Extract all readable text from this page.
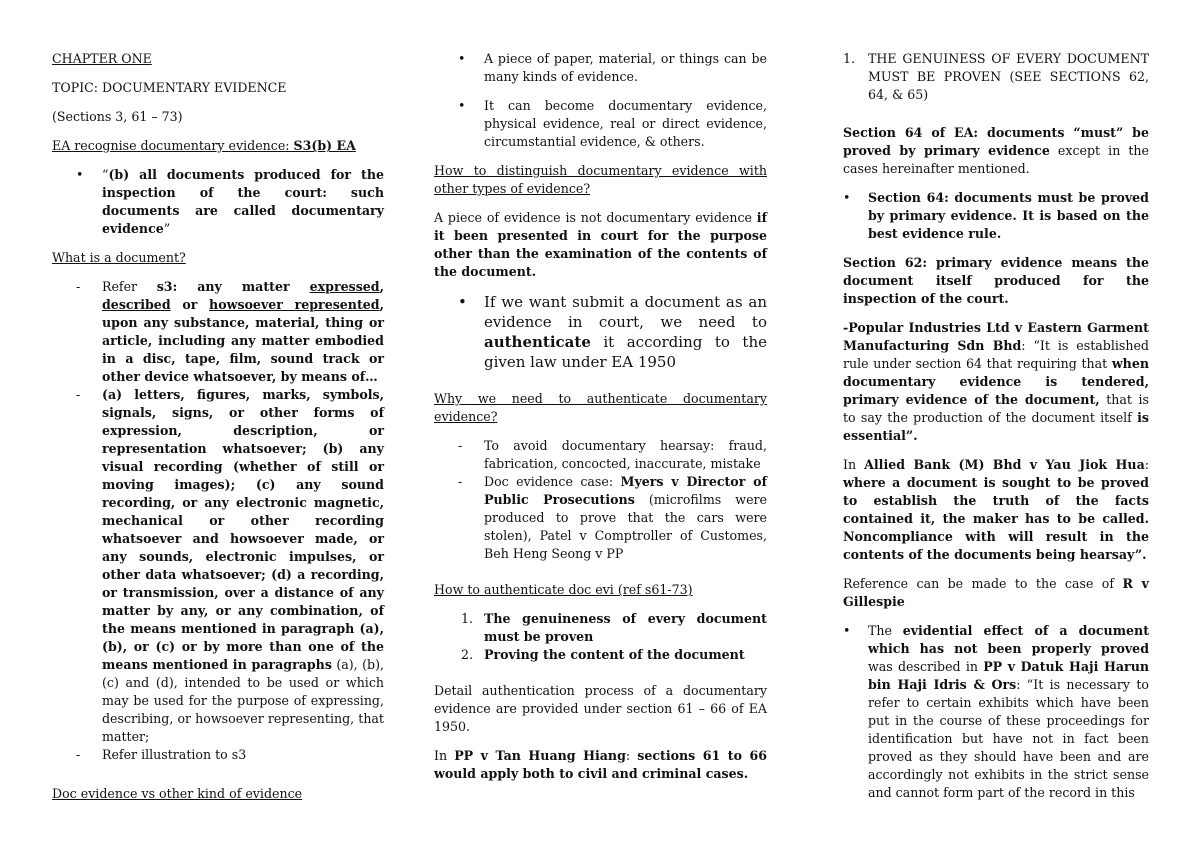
CHAPTER ONE

TOPIC: DOCUMENTARY EVIDENCE

(Sections 3, 61 – 73)

EA recognise documentary evidence: S3(b) EA

• “(b) all documents produced for the inspection of the court: such documents are called documentary evidence”

What is a document?

- Refer s3: any matter expressed, described or howsoever represented, upon any substance, material, thing or article, including any matter embodied in a disc, tape, film, sound track or other device whatsoever, by means of…
- (a) letters, figures, marks, symbols, signals, signs, or other forms of expression, description, or representation whatsoever; (b) any visual recording (whether of still or moving images); (c) any sound recording, or any electronic magnetic, mechanical or other recording whatsoever and howsoever made, or any sounds, electronic impulses, or other data whatsoever; (d) a recording, or transmission, over a distance of any matter by any, or any combination, of the means mentioned in paragraph (a), (b), or (c) or by more than one of the means mentioned in paragraphs (a), (b), (c) and (d), intended to be used or which may be used for the purpose of expressing, describing, or howsoever representing, that matter;
- Refer illustration to s3

Doc evidence vs other kind of evidence

• A piece of paper, material, or things can be many kinds of evidence.
• It can become documentary evidence, physical evidence, real or direct evidence, circumstantial evidence, & others.

How to distinguish documentary evidence with other types of evidence?

A piece of evidence is not documentary evidence if it been presented in court for the purpose other than the examination of the contents of the document.

• If we want submit a document as an evidence in court, we need to authenticate it according to the given law under EA 1950

Why we need to authenticate documentary evidence?

- To avoid documentary hearsay: fraud, fabrication, concocted, inaccurate, mistake
- Doc evidence case: Myers v Director of Public Prosecutions (microfilms were produced to prove that the cars were stolen), Patel v Comptroller of Customes, Beh Heng Seong v PP

How to authenticate doc evi (ref s61-73)

1. The genuineness of every document must be proven
2. Proving the content of the document

Detail authentication process of a documentary evidence are provided under section 61 – 66 of EA 1950.

In PP v Tan Huang Hiang: sections 61 to 66 would apply both to civil and criminal cases.

1. THE GENUINESS OF EVERY DOCUMENT MUST BE PROVEN (SEE SECTIONS 62, 64, & 65)

Section 64 of EA: documents “must” be proved by primary evidence except in the cases hereinafter mentioned.

• Section 64: documents must be proved by primary evidence. It is based on the best evidence rule.

Section 62: primary evidence means the document itself produced for the inspection of the court.

-Popular Industries Ltd v Eastern Garment Manufacturing Sdn Bhd: “It is established rule under section 64 that requiring that when documentary evidence is tendered, primary evidence of the document, that is to say the production of the document itself is essential”.

In Allied Bank (M) Bhd v Yau Jiok Hua: where a document is sought to be proved to establish the truth of the facts contained it, the maker has to be called. Noncompliance with will result in the contents of the documents being hearsay”.

Reference can be made to the case of R v Gillespie

• The evidential effect of a document which has not been properly proved was described in PP v Datuk Haji Harun bin Haji Idris & Ors: “It is necessary to refer to certain exhibits which have been put in the course of these proceedings for identification but have not in fact been proved as they should have been and are accordingly not exhibits in the strict sense and cannot form part of the record in this
